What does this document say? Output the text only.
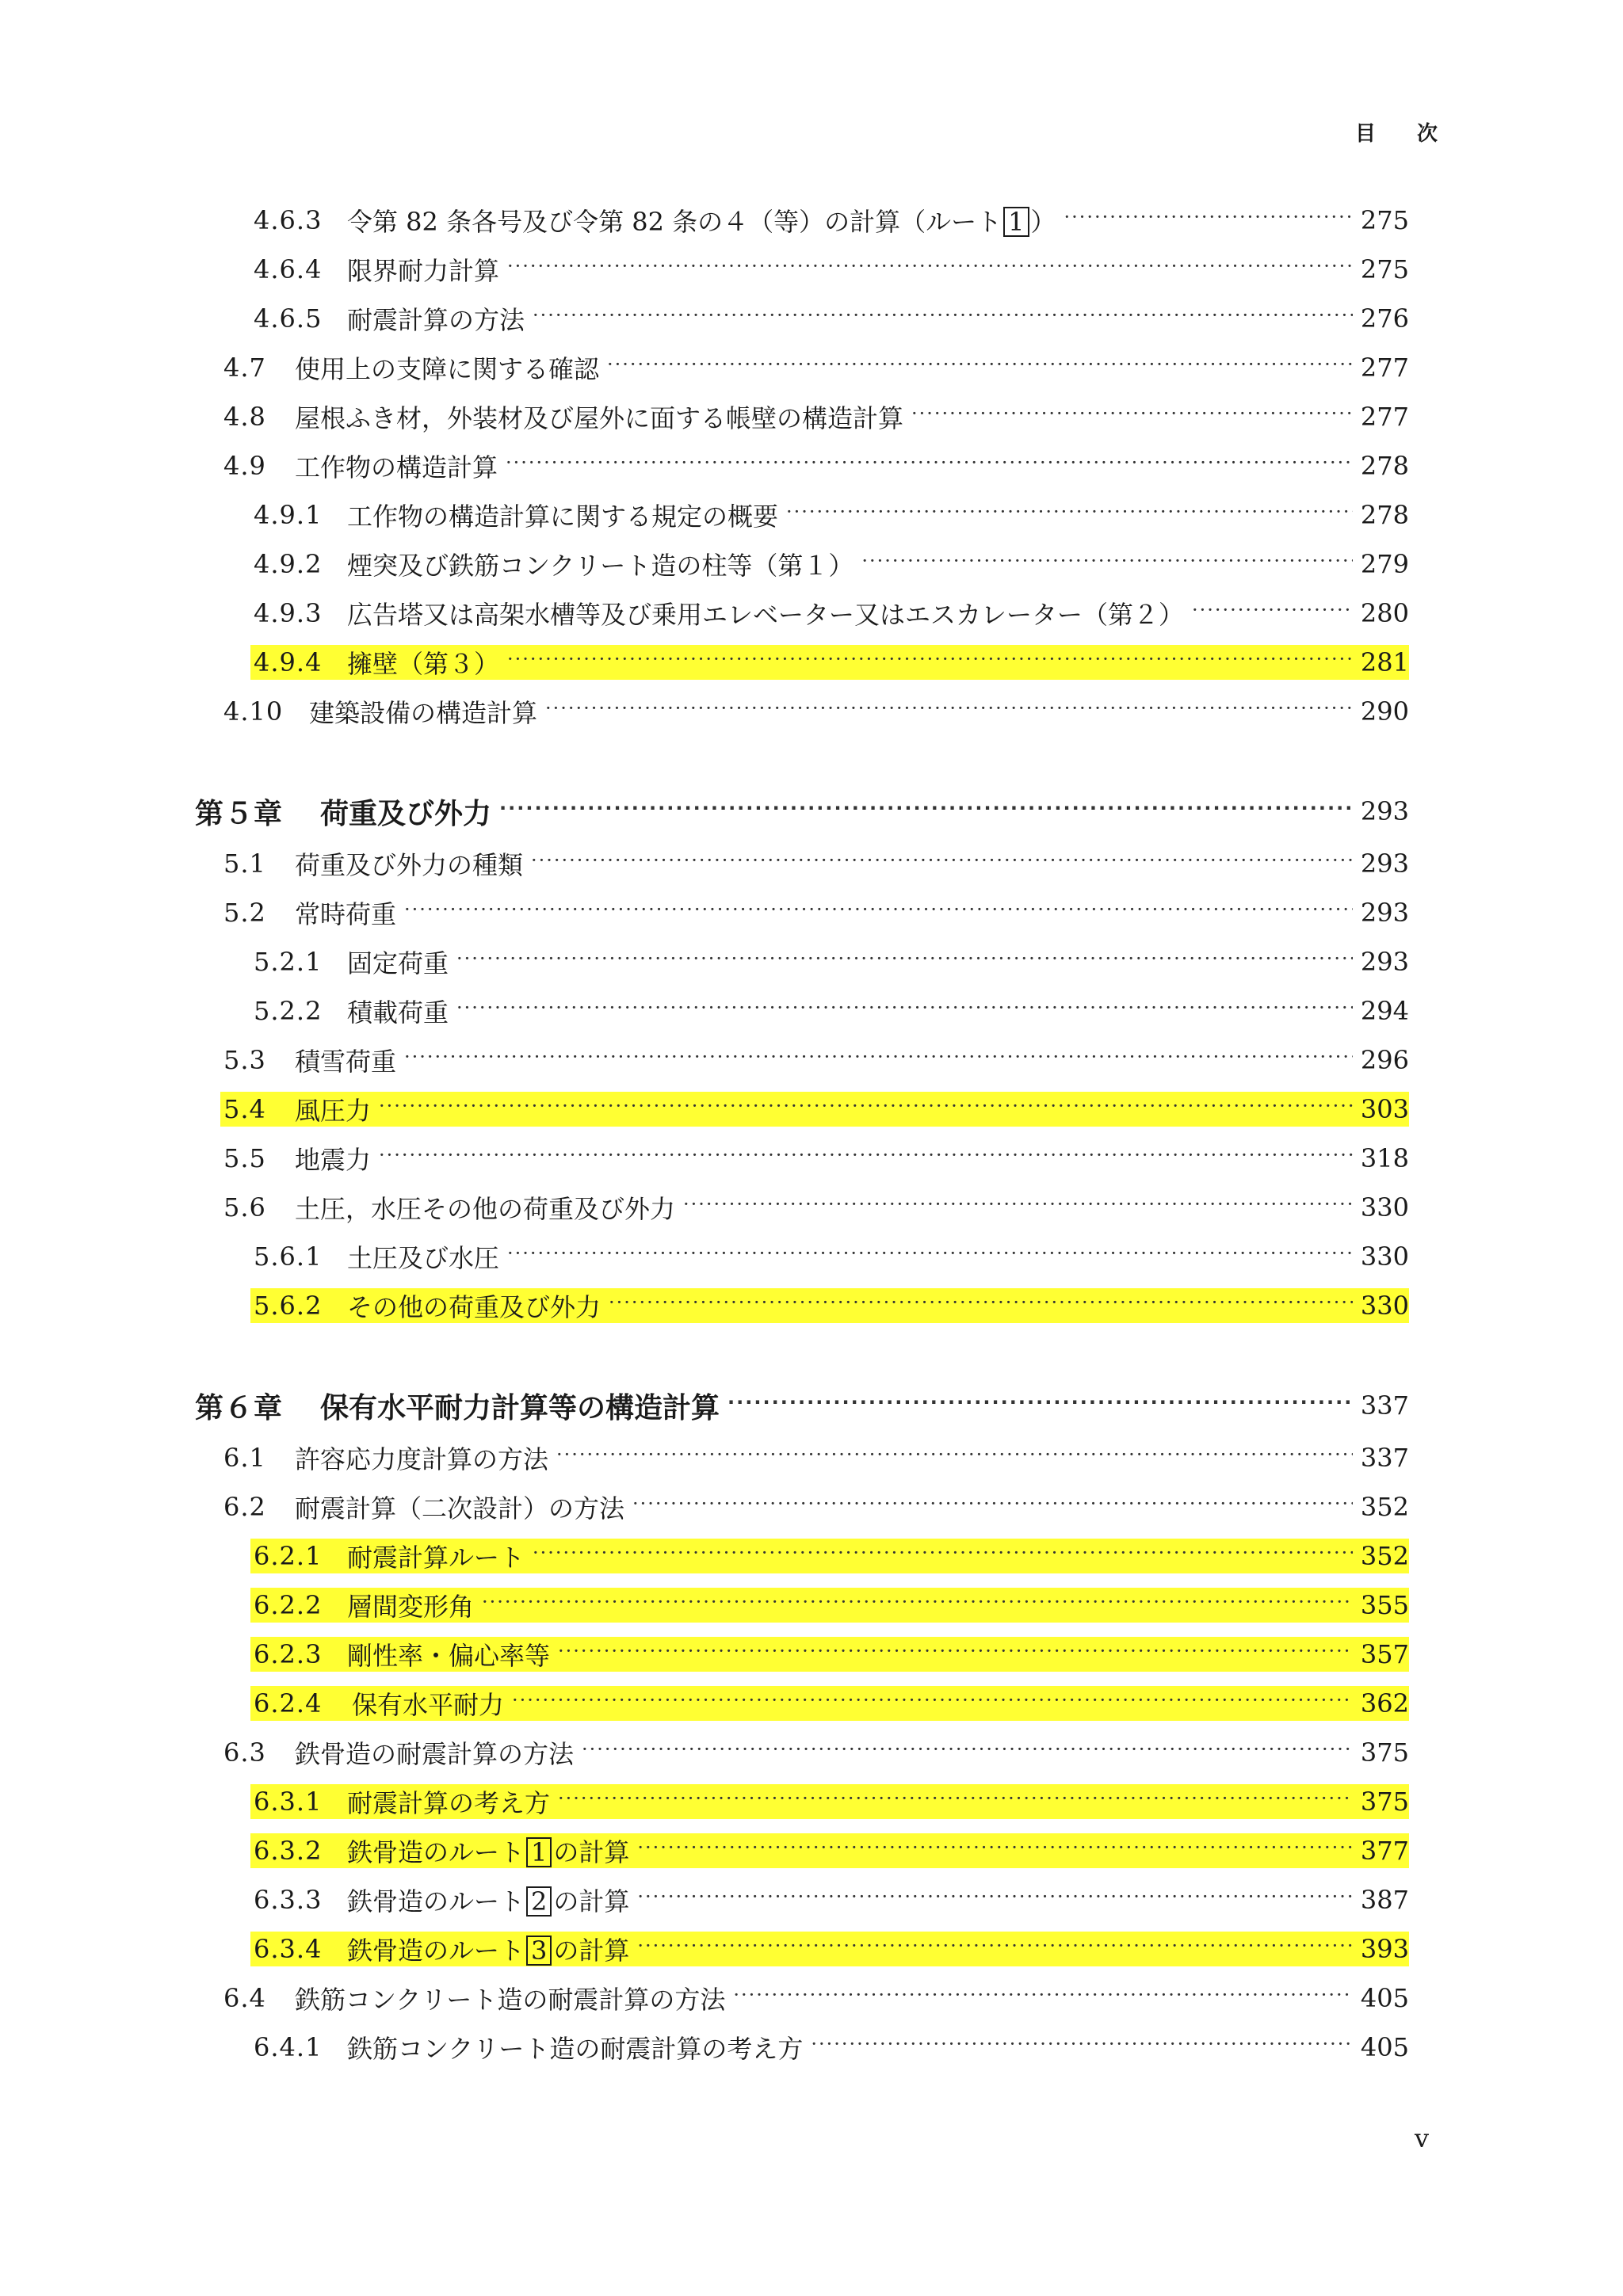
目 次
4.6.3 令第 82 条各号及び令第 82 条の４（等）の計算（ルート 1 ） ·····	275
4.6.4 限界耐力計算 ·····	275
4.6.5 耐震計算の方法 ·····	276
4.7	使用上の支障に関する確認 ·····	277
4.8	屋根ふき材，外装材及び屋外に面する帳壁の構造計算 ·····	277
4.9	工作物の構造計算 ·····	278
4.9.1 工作物の構造計算に関する規定の概要 ·····	278
4.9.2 煙突及び鉄筋コンクリート造の柱等（第１） ·····	279
4.9.3 広告塔又は高架水槽等及び乗用エレベーター又はエスカレーター（第２） ·····	280
4.9.4 擁壁（第３） ·····	281
4.10	建築設備の構造計算 ·····	290
第５章	荷重及び外力 ·····	293
5.1	荷重及び外力の種類 ·····	293
5.2	常時荷重 ·····	293
5.2.1 固定荷重 ·····	293
5.2.2 積載荷重 ·····	294
5.3	積雪荷重 ·····	296
5.4	風圧力 ·····	303
5.5	地震力 ·····	318
5.6	土圧，水圧その他の荷重及び外力 ·····	330
5.6.1 土圧及び水圧 ·····	330
5.6.2 その他の荷重及び外力 ·····	330
第６章	保有水平耐力計算等の構造計算 ·····	337
6.1	許容応力度計算の方法 ·····	337
6.2	耐震計算（二次設計）の方法 ·····	352
6.2.1 耐震計算ルート ·····	352
6.2.2 層間変形角 ·····	355
6.2.3 剛性率・偏心率等 ·····	357
6.2.4	保有水平耐力 ·····	362
6.3	鉄骨造の耐震計算の方法 ·····	375
6.3.1 耐震計算の考え方 ·····	375
6.3.2 鉄骨造のルート 1 の計算 ·····	377
6.3.3 鉄骨造のルート 2 の計算 ·····	387
6.3.4 鉄骨造のルート 3 の計算 ·····	393
6.4	鉄筋コンクリート造の耐震計算の方法 ·····	405
6.4.1 鉄筋コンクリート造の耐震計算の考え方 ·····	405
v
